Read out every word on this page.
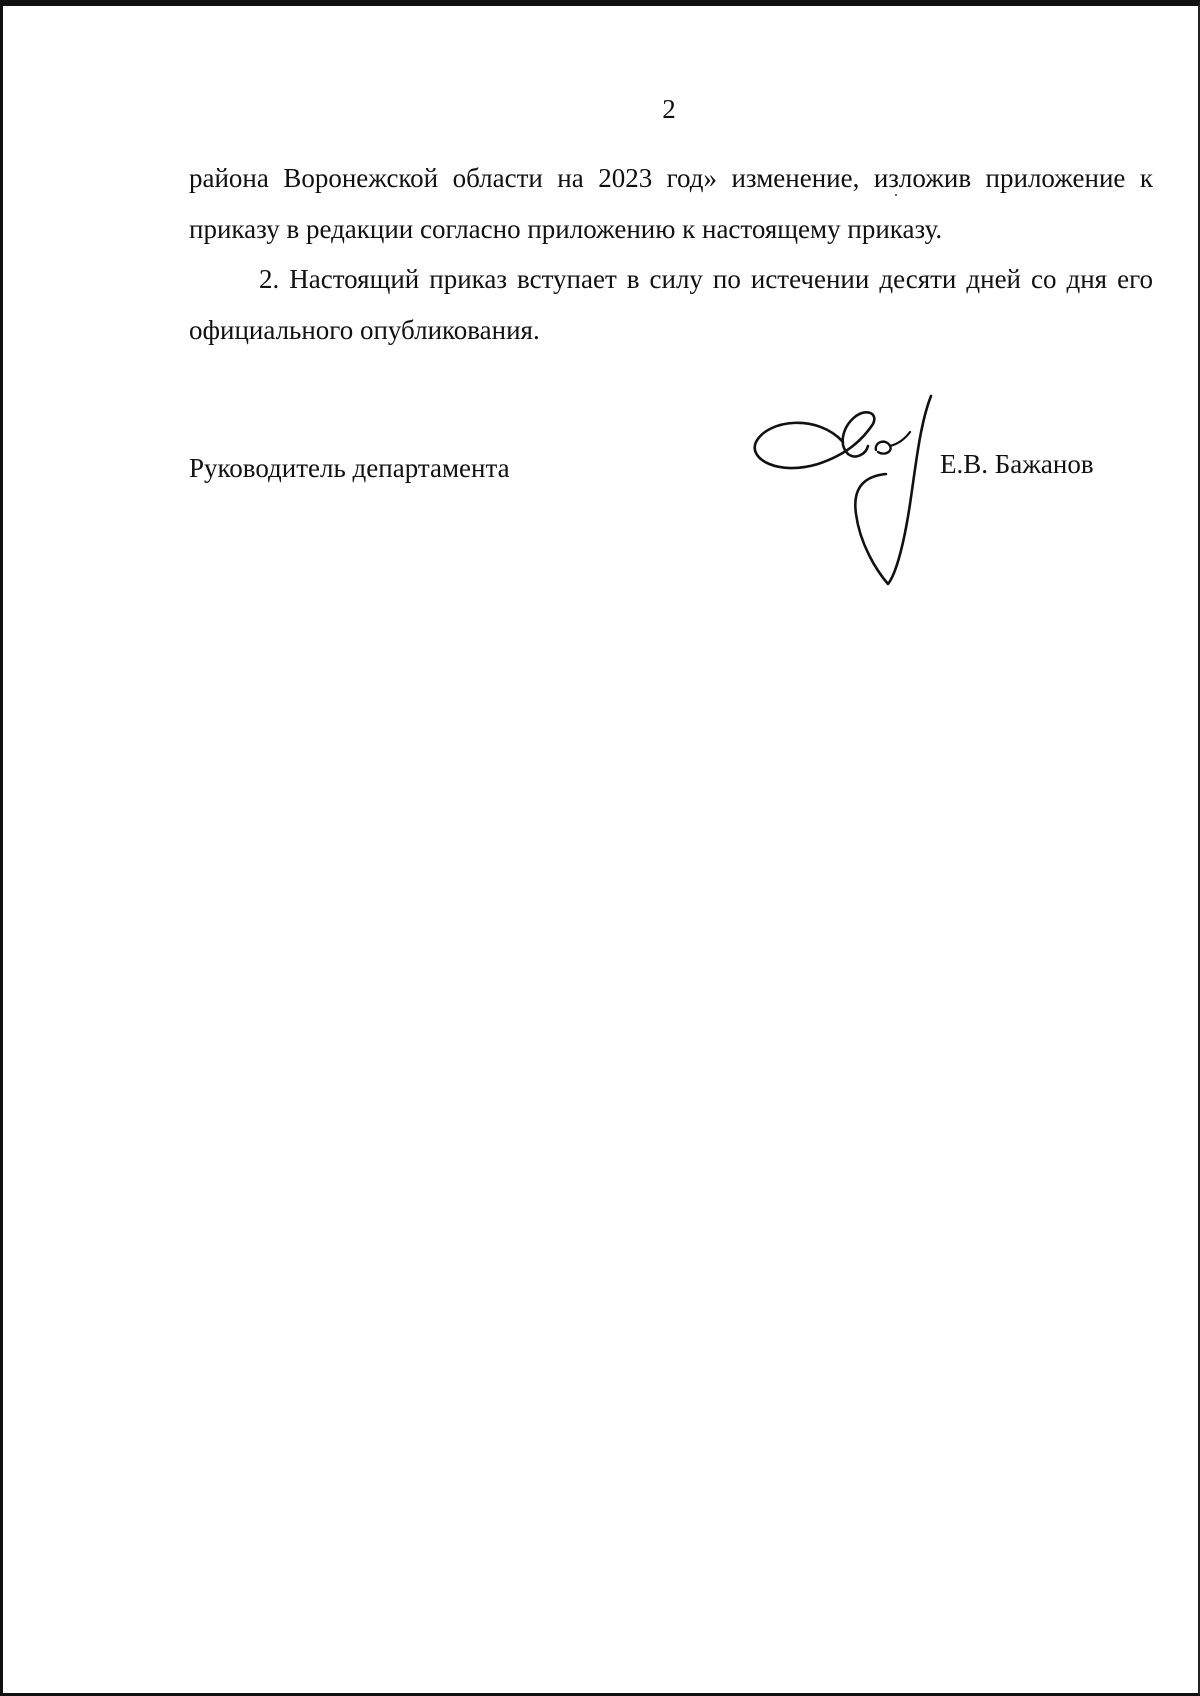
2
района Воронежской области на 2023 год» изменение, изложив приложение к
приказу в редакции согласно приложению к настоящему приказу.
2. Настоящий приказ вступает в силу по истечении десяти дней со дня его
официального опубликования.
Руководитель департамента	Е.В. Бажанов
